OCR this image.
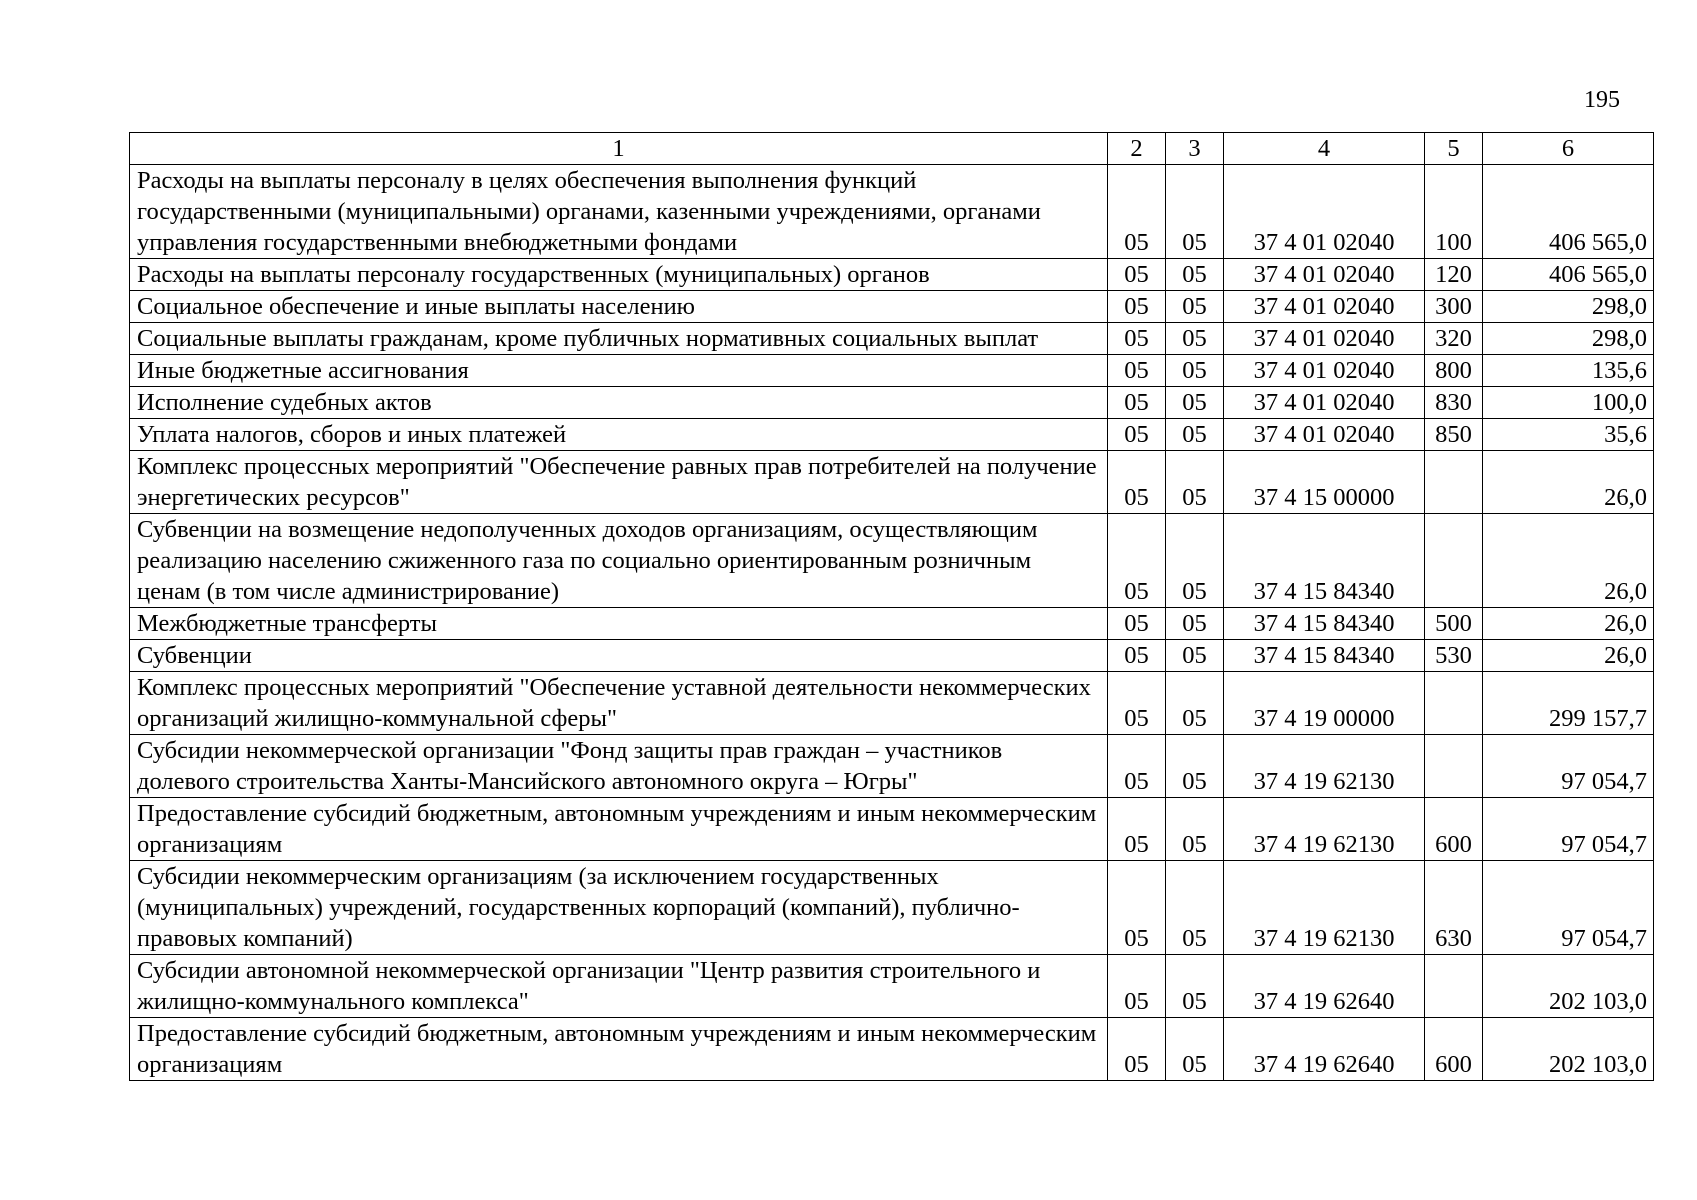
195
1	2	3	4	5	6
Расходы на выплаты персоналу в целях обеспечения выполнения функций государственными (муниципальными) органами, казенными учреждениями, органами управления государственными внебюджетными фондами	05	05	37 4 01 02040	100	406 565,0
Расходы на выплаты персоналу государственных (муниципальных) органов	05	05	37 4 01 02040	120	406 565,0
Социальное обеспечение и иные выплаты населению	05	05	37 4 01 02040	300	298,0
Социальные выплаты гражданам, кроме публичных нормативных социальных выплат	05	05	37 4 01 02040	320	298,0
Иные бюджетные ассигнования	05	05	37 4 01 02040	800	135,6
Исполнение судебных актов	05	05	37 4 01 02040	830	100,0
Уплата налогов, сборов и иных платежей	05	05	37 4 01 02040	850	35,6
Комплекс процессных мероприятий "Обеспечение равных прав потребителей на получение энергетических ресурсов"	05	05	37 4 15 00000		26,0
Субвенции на возмещение недополученных доходов организациям, осуществляющим реализацию населению сжиженного газа по социально ориентированным розничным ценам (в том числе администрирование)	05	05	37 4 15 84340		26,0
Межбюджетные трансферты	05	05	37 4 15 84340	500	26,0
Субвенции	05	05	37 4 15 84340	530	26,0
Комплекс процессных мероприятий "Обеспечение уставной деятельности некоммерческих организаций жилищно-коммунальной сферы"	05	05	37 4 19 00000		299 157,7
Субсидии некоммерческой организации "Фонд защиты прав граждан – участников долевого строительства Ханты-Мансийского автономного округа – Югры"	05	05	37 4 19 62130		97 054,7
Предоставление субсидий бюджетным, автономным учреждениям и иным некоммерческим организациям	05	05	37 4 19 62130	600	97 054,7
Субсидии некоммерческим организациям (за исключением государственных (муниципальных) учреждений, государственных корпораций (компаний), публично-правовых компаний)	05	05	37 4 19 62130	630	97 054,7
Субсидии автономной некоммерческой организации "Центр развития строительного и жилищно-коммунального комплекса"	05	05	37 4 19 62640		202 103,0
Предоставление субсидий бюджетным, автономным учреждениям и иным некоммерческим организациям	05	05	37 4 19 62640	600	202 103,0
